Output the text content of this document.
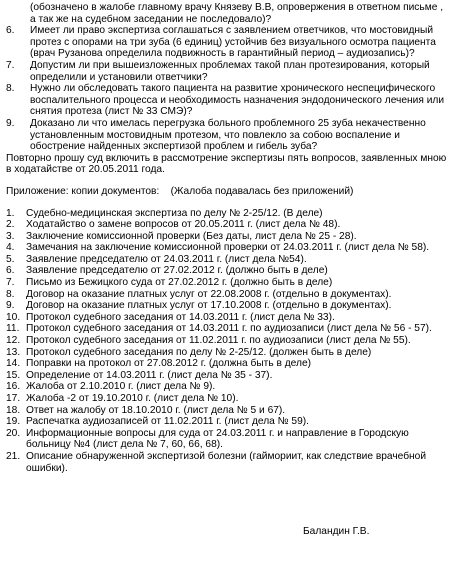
(обозначено в жалобе главному врачу Князеву В.В, опровержения в ответном письме , а так же на судебном заседании не последовало)?
6. Имеет ли право экспертиза соглашаться с заявлением ответчиков, что мостовидный протез с опорами на три зуба (6 единиц) устойчив без визуального осмотра пациента (врач Рузанова определила подвижность в гарантийный период – аудиозапись)?
7. Допустим ли при вышеизложенных проблемах такой план протезирования, который определили и установили ответчики?
8. Нужно ли обследовать такого пациента на развитие хронического неспецифического воспалительного процесса и необходимость назначения эндодонического лечения или снятия протеза (лист № 33 СМЭ)?
9. Доказано ли что имелась перегрузка больного проблемного 25 зуба некачественно установленным мостовидным протезом, что повлекло за собою воспаление и обострение найденных экспертизой проблем и гибель зуба?

Повторно прошу суд включить в рассмотрение экспертизы пять вопросов, заявленных мною в ходатайстве от 20.05.2011 года.

Приложение: копии документов:    (Жалоба подавалась без приложений)

1. Судебно-медицинская экспертиза по делу № 2-25/12. (В деле)
2. Ходатайство о замене вопросов от 20.05.2011 г. (лист дела № 48).
3. Заключение комиссионной проверки (Без даты, лист дела № 25 - 28).
4. Замечания на заключение комиссионной проверки от 24.03.2011 г. (лист дела № 58).
5. Заявление председателю от 24.03.2011 г. (лист дела №54).
6. Заявление председателю от 27.02.2012 г. (должно быть в деле)
7. Письмо из Бежицкого суда от 27.02.2012 г. (должно быть в деле)
8. Договор на оказание платных услуг от 22.08.2008 г. (отдельно в документах).
9. Договор на оказание платных услуг от 17.10.2008 г. (отдельно в документах).
10. Протокол судебного заседания от 14.03.2011 г. (лист дела № 33).
11. Протокол судебного заседания от 14.03.2011 г. по аудиозаписи (лист дела № 56 - 57).
12. Протокол судебного заседания от 11.02.2011 г. по аудиозаписи (лист дела № 55).
13. Протокол судебного заседания по делу № 2-25/12. (должен быть в деле)
14. Поправки на протокол от 27.08.2012 г. (должна быть в деле)
15. Определение от 14.03.2011 г. (лист дела № 35 - 37).
16. Жалоба от 2.10.2010 г. (лист дела № 9).
17. Жалоба -2 от 19.10.2010 г. (лист дела № 10).
18. Ответ на жалобу от 18.10.2010 г. (лист дела № 5 и 67).
19. Распечатка аудиозаписей от 11.02.2011 г. (лист дела № 59).
20. Информационные вопросы для суда от 24.03.2011 г. и направление в Городскую больницу №4 (лист дела № 7, 60, 66, 68).
21. Описание обнаруженной экспертизой болезни (гаймориит, как следствие врачебной ошибки).
Баландин Г.В.
